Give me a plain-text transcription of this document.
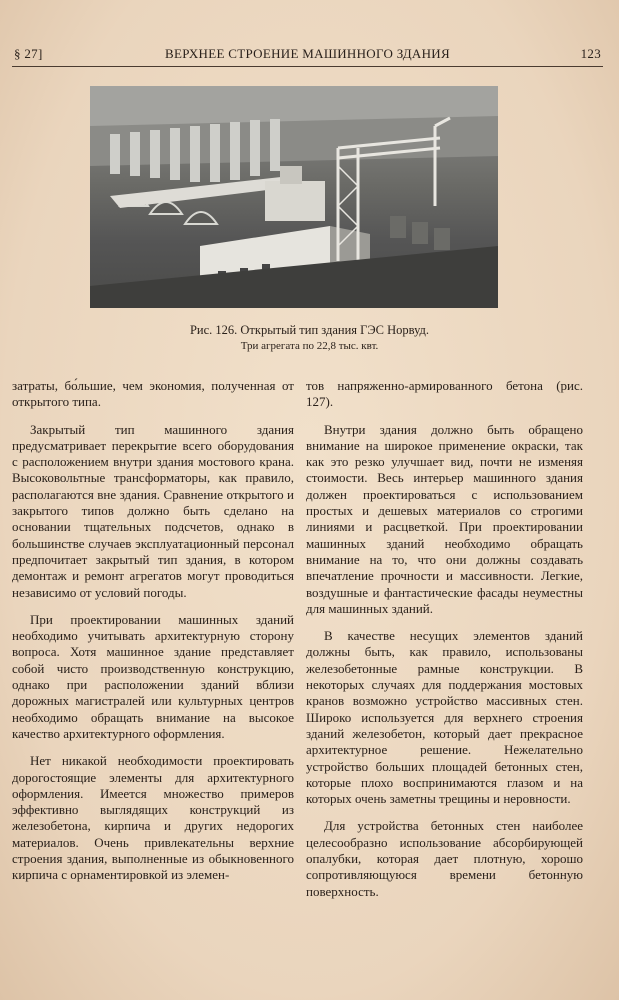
§ 27]	ВЕРХНЕЕ СТРОЕНИЕ МАШИННОГО ЗДАНИЯ	123
Рис. 126. Открытый тип здания ГЭС Норвуд.
Три агрегата по 22,8 тыс. квт.

затраты, бо́льшие, чем экономия, полученная от открытого типа.

Закрытый тип машинного здания предусматривает перекрытие всего оборудования с расположением внутри здания мостового крана. Высоковольтные трансформаторы, как правило, располагаются вне здания. Сравнение открытого и закрытого типов должно быть сделано на основании тщательных подсчетов, однако в большинстве случаев эксплуатационный персонал предпочитает закрытый тип здания, в котором демонтаж и ремонт агрегатов могут проводиться независимо от условий погоды.

При проектировании машинных зданий необходимо учитывать архитектурную сторону вопроса. Хотя машинное здание представляет собой чисто производственную конструкцию, однако при расположении зданий вблизи дорожных магистралей или культурных центров необходимо обращать внимание на высокое качество архитектурного оформления.

Нет никакой необходимости проектировать дорогостоящие элементы для архитектурного оформления. Имеется множество примеров эффективно выглядящих конструкций из железобетона, кирпича и других недорогих материалов. Очень привлекательны верхние строения здания, выполненные из обыкновенного кирпича с орнаментировкой из элемен-

тов напряженно-армированного бетона (рис. 127).

Внутри здания должно быть обращено внимание на широкое применение окраски, так как это резко улучшает вид, почти не изменяя стоимости. Весь интерьер машинного здания должен проектироваться с использованием простых и дешевых материалов со строгими линиями и расцветкой. При проектировании машинных зданий необходимо обращать внимание на то, что они должны создавать впечатление прочности и массивности. Легкие, воздушные и фантастические фасады неуместны для машинных зданий.

В качестве несущих элементов зданий должны быть, как правило, использованы железобетонные рамные конструкции. В некоторых случаях для поддержания мостовых кранов возможно устройство массивных стен. Широко используется для верхнего строения зданий железобетон, который дает прекрасное архитектурное решение. Нежелательно устройство больших площадей бетонных стен, которые плохо воспринимаются глазом и на которых очень заметны трещины и неровности.

Для устройства бетонных стен наиболее целесообразно использование абсорбирующей опалубки, которая дает плотную, хорошо сопротивляющуюся времени бетонную поверхность.
